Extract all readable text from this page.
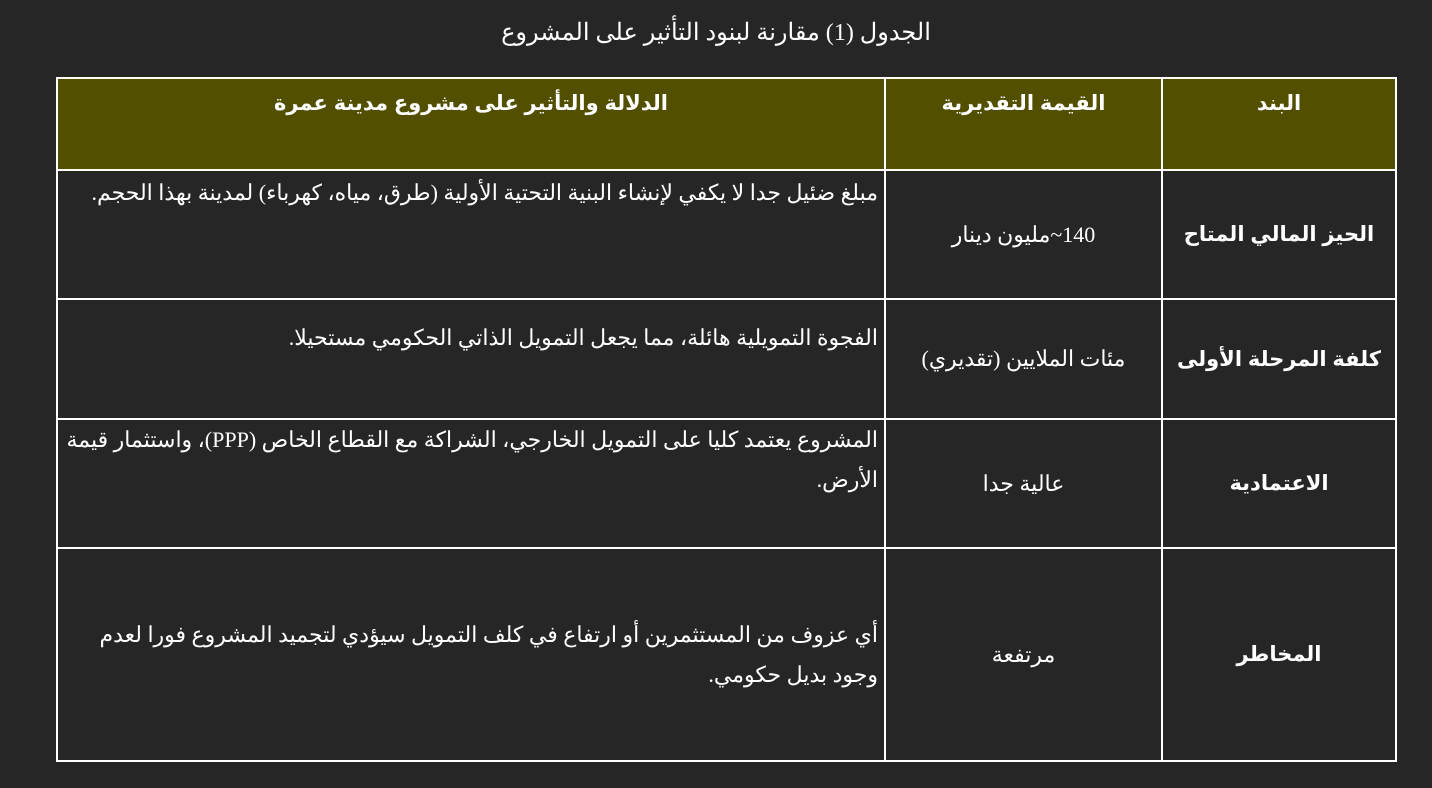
الجدول (1) مقارنة لبنود التأثير على المشروع
البند	القيمة التقديرية	الدلالة والتأثير على مشروع مدينة عمرة
الحيز المالي المتاح	140~مليون دينار	مبلغ ضئيل جدا لا يكفي لإنشاء البنية التحتية الأولية (طرق، مياه، كهرباء) لمدينة بهذا الحجم.
كلفة المرحلة الأولى	مئات الملايين (تقديري)	الفجوة التمويلية هائلة، مما يجعل التمويل الذاتي الحكومي مستحيلا.
الاعتمادية	عالية جدا	المشروع يعتمد كليا على التمويل الخارجي، الشراكة مع القطاع الخاص (PPP)، واستثمار قيمة الأرض.
المخاطر	مرتفعة	أي عزوف من المستثمرين أو ارتفاع في كلف التمويل سيؤدي لتجميد المشروع فورا لعدم وجود بديل حكومي.
